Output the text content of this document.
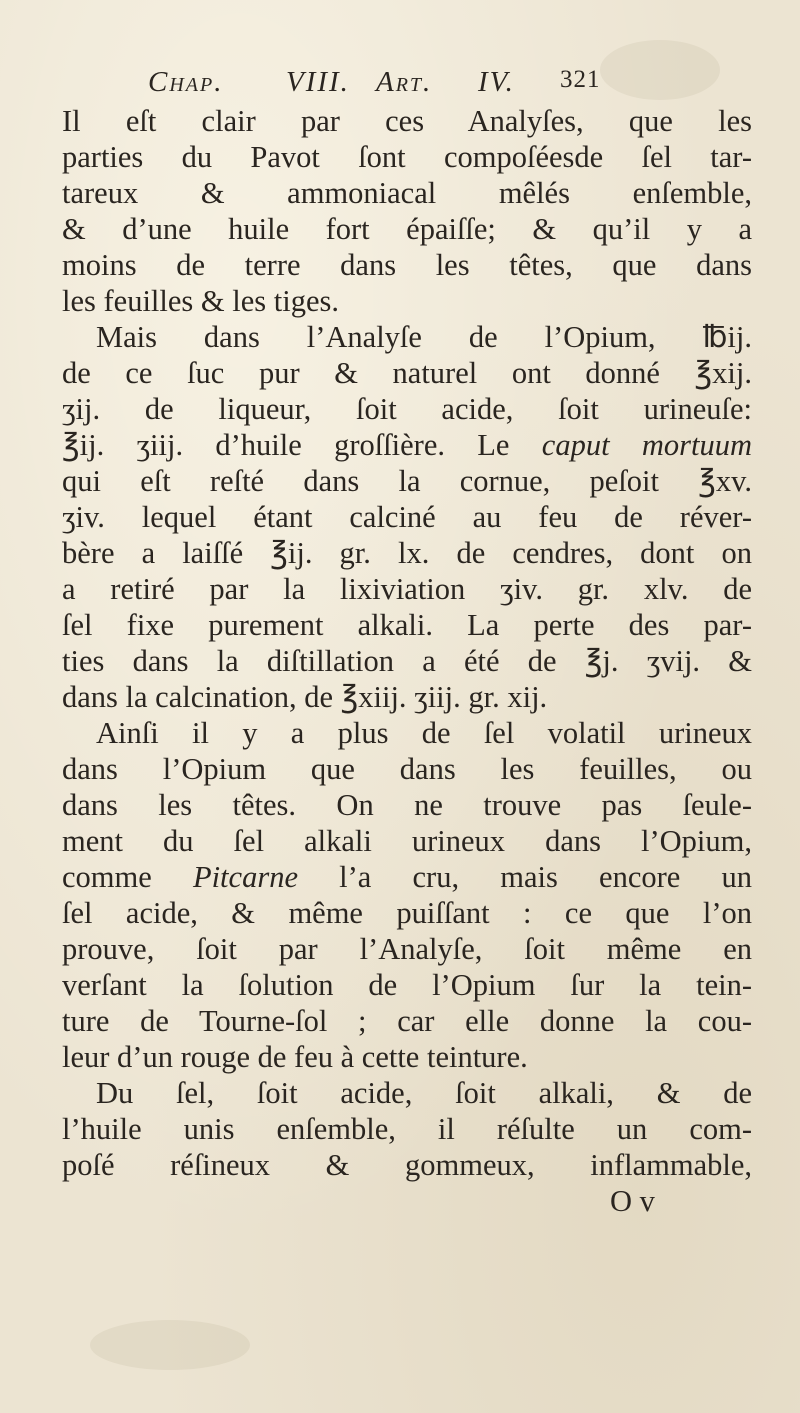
Chap. VIII. Art. IV. 321
Il eſt clair par ces Analyſes, que les
parties du Pavot ſont compoſéesde ſel tar-
tareux & ammoniacal mêlés enſemble,
& d’une huile fort épaiſſe; & qu’il y a
moins de terre dans les têtes, que dans
les feuilles & les tiges.
Mais dans l’Analyſe de l’Opium, ℔ij.
de ce ſuc pur & naturel ont donné ℥xij.
ʒij. de liqueur, ſoit acide, ſoit urineuſe:
℥ij. ʒiij. d’huile groſſière. Le caput mortuum
qui eſt reſté dans la cornue, peſoit ℥xv.
ʒiv. lequel étant calciné au feu de réver-
bère a laiſſé ℥ij. gr. lx. de cendres, dont on
a retiré par la lixiviation ʒiv. gr. xlv. de
ſel fixe purement alkali. La perte des par-
ties dans la diſtillation a été de ℥j. ʒvij. &
dans la calcination, de ℥xiij. ʒiij. gr. xij.
Ainſi il y a plus de ſel volatil urineux
dans l’Opium que dans les feuilles, ou
dans les têtes. On ne trouve pas ſeule-
ment du ſel alkali urineux dans l’Opium,
comme Pitcarne l’a cru, mais encore un
ſel acide, & même puiſſant : ce que l’on
prouve, ſoit par l’Analyſe, ſoit même en
verſant la ſolution de l’Opium ſur la tein-
ture de Tourne-ſol ; car elle donne la cou-
leur d’un rouge de feu à cette teinture.
Du ſel, ſoit acide, ſoit alkali, & de
l’huile unis enſemble, il réſulte un com-
poſé réſineux & gommeux, inflammable,
O v
